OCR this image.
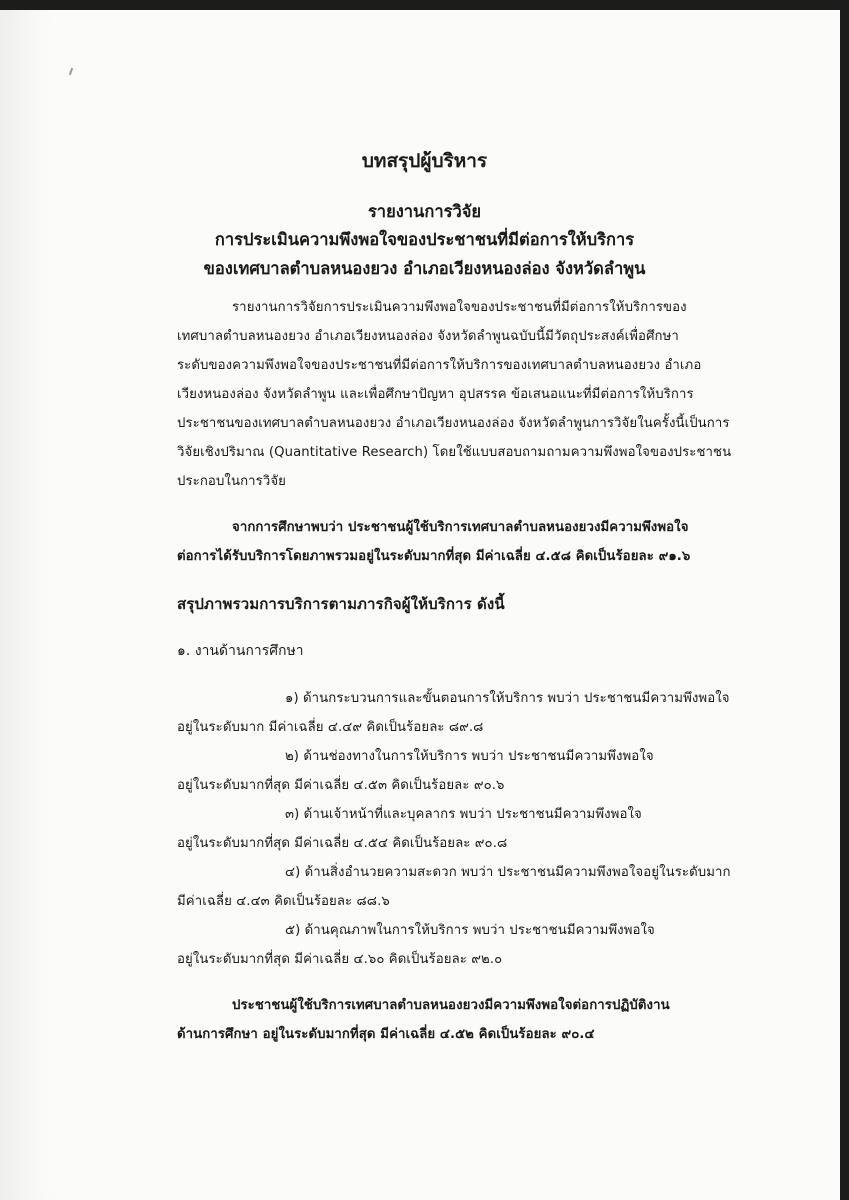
บทสรุปผู้บริหาร

รายงานการวิจัย

การประเมินความพึงพอใจของประชาชนที่มีต่อการให้บริการ

ของเทศบาลตำบลหนองยวง อำเภอเวียงหนองล่อง จังหวัดลำพูน

รายงานการวิจัยการประเมินความพึงพอใจของประชาชนที่มีต่อการให้บริการของ

เทศบาลตำบลหนองยวง อำเภอเวียงหนองล่อง จังหวัดลำพูนฉบับนี้มีวัตถุประสงค์เพื่อศึกษา

ระดับของความพึงพอใจของประชาชนที่มีต่อการให้บริการของเทศบาลตำบลหนองยวง อำเภอ

เวียงหนองล่อง จังหวัดลำพูน และเพื่อศึกษาปัญหา อุปสรรค ข้อเสนอแนะที่มีต่อการให้บริการ

ประชาชนของเทศบาลตำบลหนองยวง อำเภอเวียงหนองล่อง จังหวัดลำพูนการวิจัยในครั้งนี้เป็นการ

วิจัยเชิงปริมาณ (Quantitative Research) โดยใช้แบบสอบถามถามความพึงพอใจของประชาชน

ประกอบในการวิจัย

จากการศึกษาพบว่า ประชาชนผู้ใช้บริการเทศบาลตำบลหนองยวงมีความพึงพอใจ

ต่อการได้รับบริการโดยภาพรวมอยู่ในระดับมากที่สุด มีค่าเฉลี่ย ๔.๕๘ คิดเป็นร้อยละ ๙๑.๖

สรุปภาพรวมการบริการตามภารกิจผู้ให้บริการ ดังนี้

๑. งานด้านการศึกษา

๑) ด้านกระบวนการและขั้นตอนการให้บริการ พบว่า ประชาชนมีความพึงพอใจ

อยู่ในระดับมาก มีค่าเฉลี่ย ๔.๔๙ คิดเป็นร้อยละ ๘๙.๘

๒) ด้านช่องทางในการให้บริการ พบว่า ประชาชนมีความพึงพอใจ

อยู่ในระดับมากที่สุด มีค่าเฉลี่ย ๔.๕๓ คิดเป็นร้อยละ ๙๐.๖

๓) ด้านเจ้าหน้าที่และบุคลากร พบว่า ประชาชนมีความพึงพอใจ

อยู่ในระดับมากที่สุด มีค่าเฉลี่ย ๔.๕๔ คิดเป็นร้อยละ ๙๐.๘

๔) ด้านสิ่งอำนวยความสะดวก พบว่า ประชาชนมีความพึงพอใจอยู่ในระดับมาก

มีค่าเฉลี่ย ๔.๔๓ คิดเป็นร้อยละ ๘๘.๖

๕) ด้านคุณภาพในการให้บริการ พบว่า ประชาชนมีความพึงพอใจ

อยู่ในระดับมากที่สุด มีค่าเฉลี่ย ๔.๖๐ คิดเป็นร้อยละ ๙๒.๐

ประชาชนผู้ใช้บริการเทศบาลตำบลหนองยวงมีความพึงพอใจต่อการปฏิบัติงาน

ด้านการศึกษา อยู่ในระดับมากที่สุด มีค่าเฉลี่ย ๔.๕๒ คิดเป็นร้อยละ ๙๐.๔
